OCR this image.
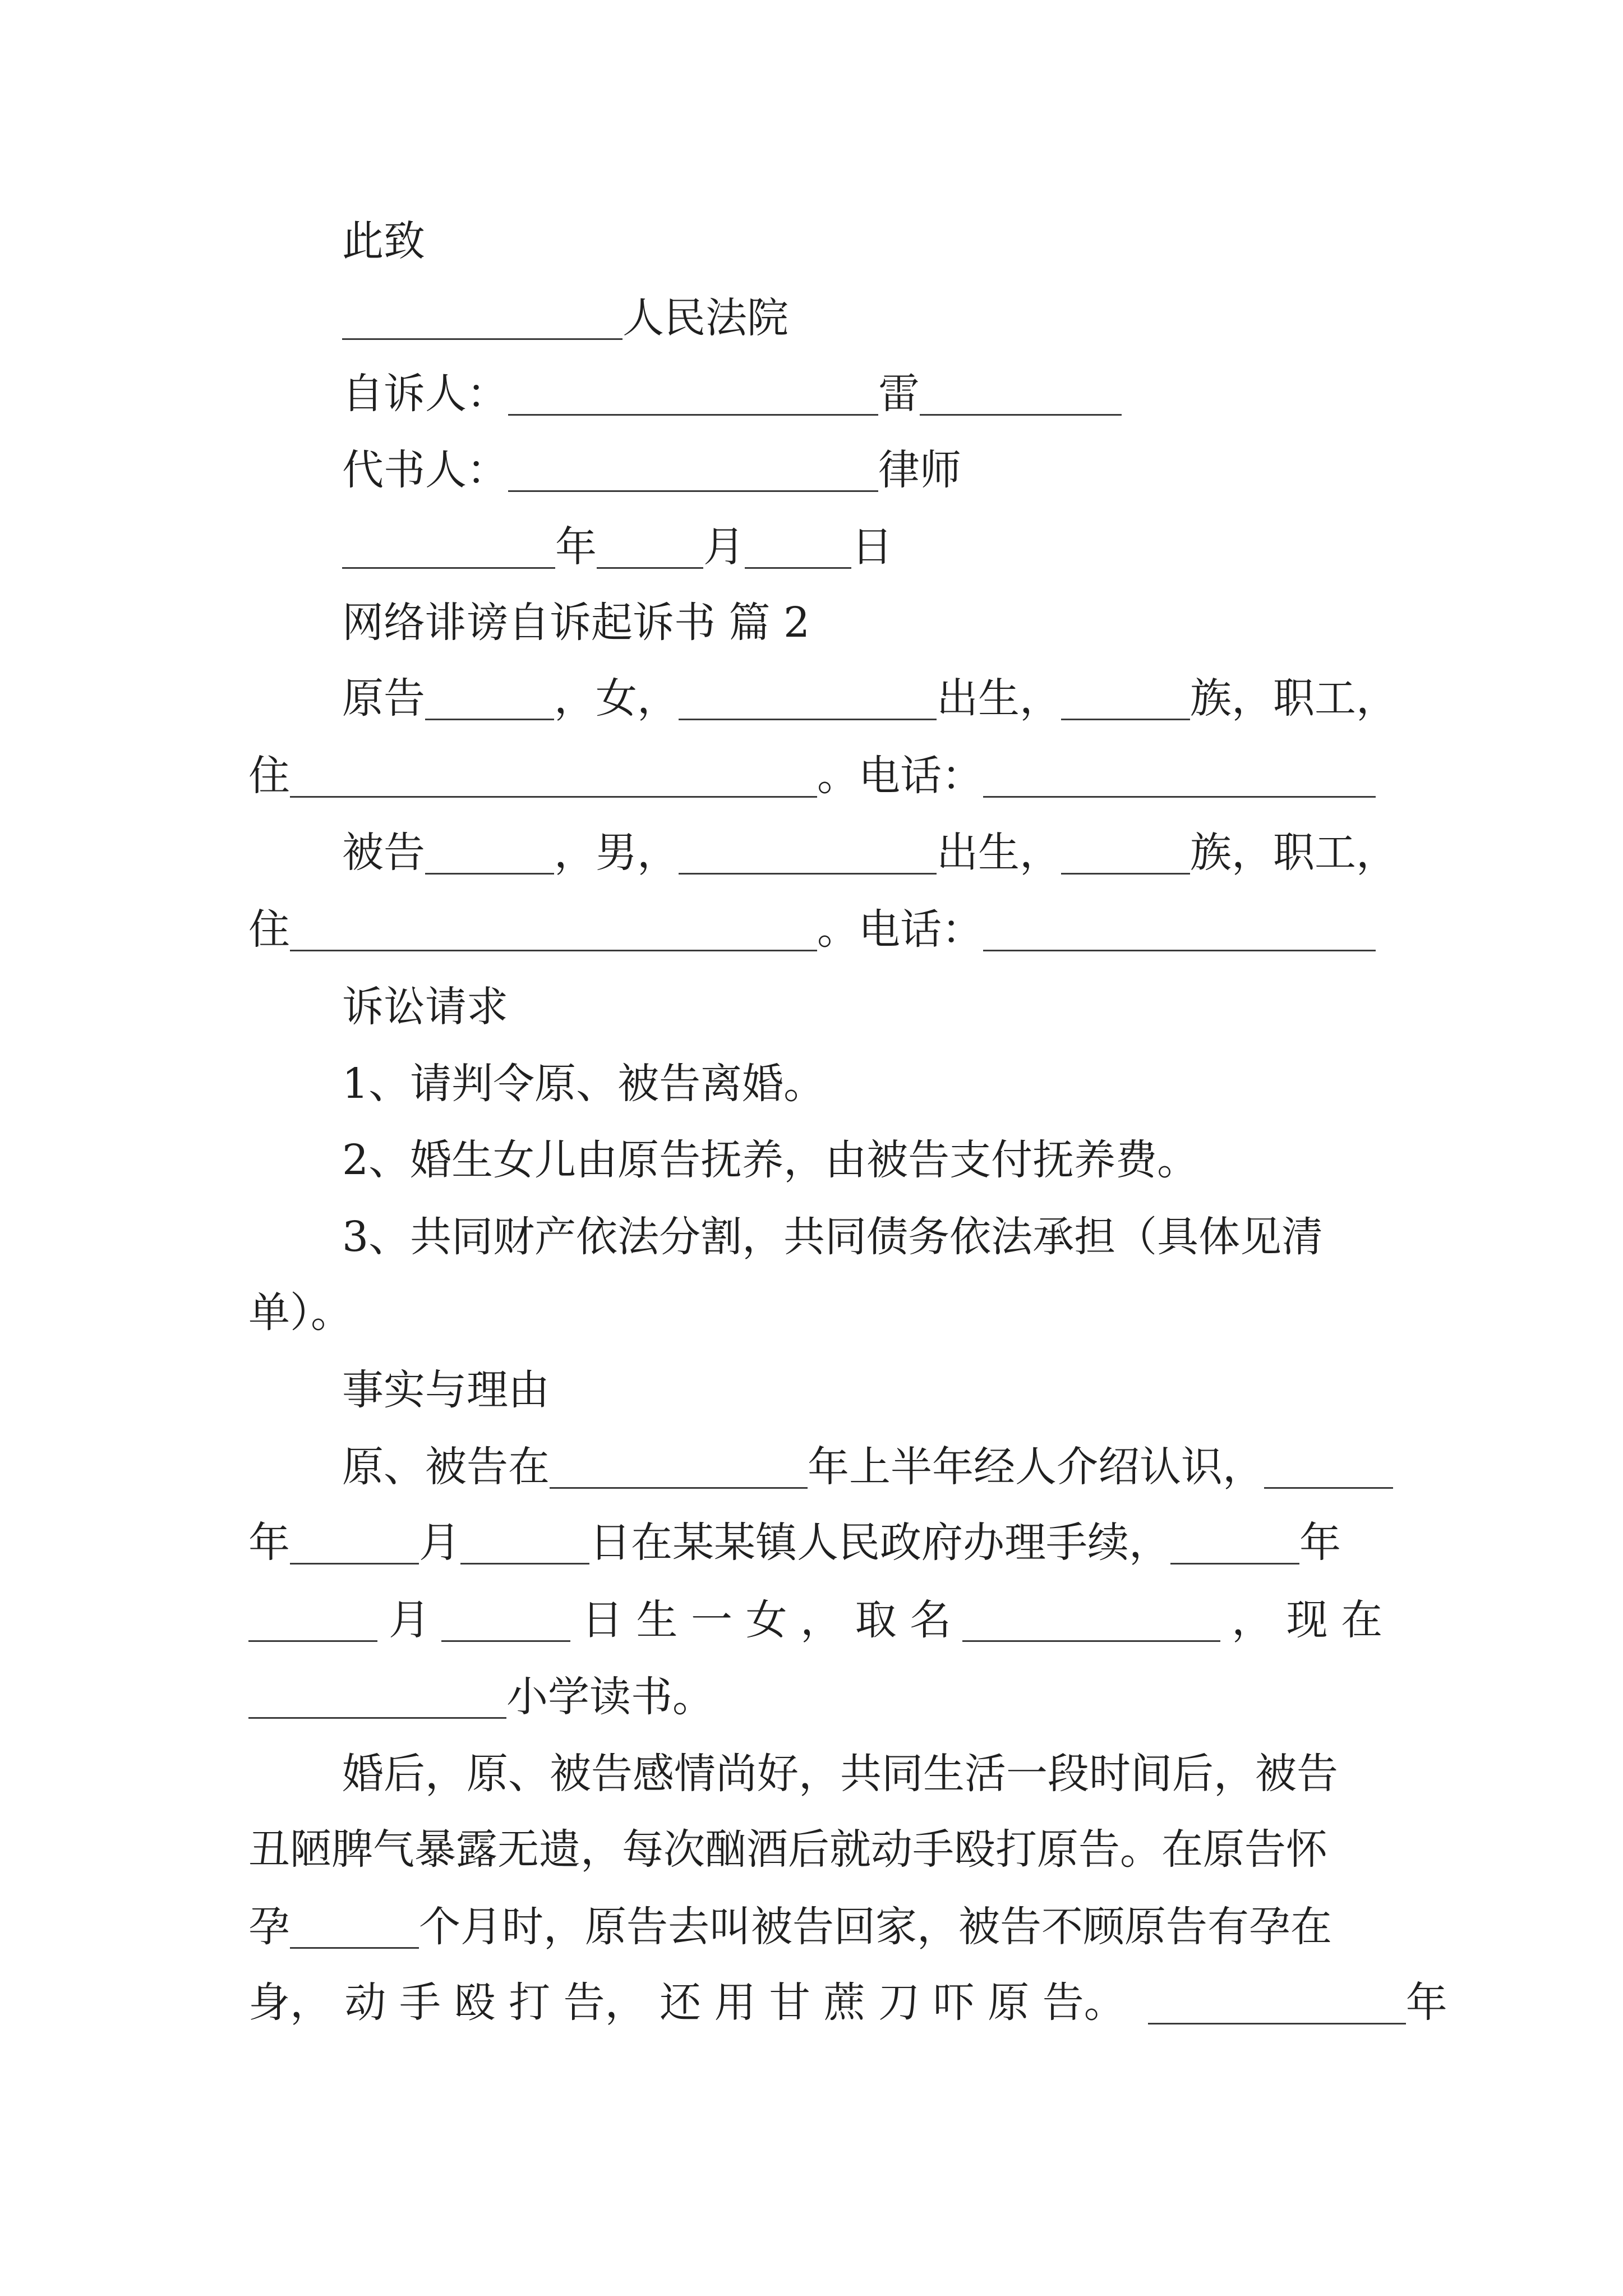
此致
人民法院
自诉人：	雷
代书人：	律师
年	月	日
网络诽谤自诉起诉书 篇 2
原告	，女，	出生，	族，职工，
住	。电话：
被告	，男，	出生，	族，职工，
住	。电话：
诉讼请求
1、请判令原、被告离婚。
2、婚生女儿由原告抚养，由被告支付抚养费。
3、共同财产依法分割，共同债务依法承担（具体见清
单）。
事实与理由
原、被告在	年上半年经人介绍认识，
年	月	日在某某镇人民政府办理手续，	年
月	日 生 一 女 ， 取 名	， 现 在
小学读书。
婚后，原、被告感情尚好，共同生活一段时间后，被告
丑陋脾气暴露无遗，每次酗酒后就动手殴打原告。在原告怀
孕	个月时，原告去叫被告回家，被告不顾原告有孕在
身， 动 手 殴 打 告， 还 用 甘 蔗 刀 吓 原 告。	年
